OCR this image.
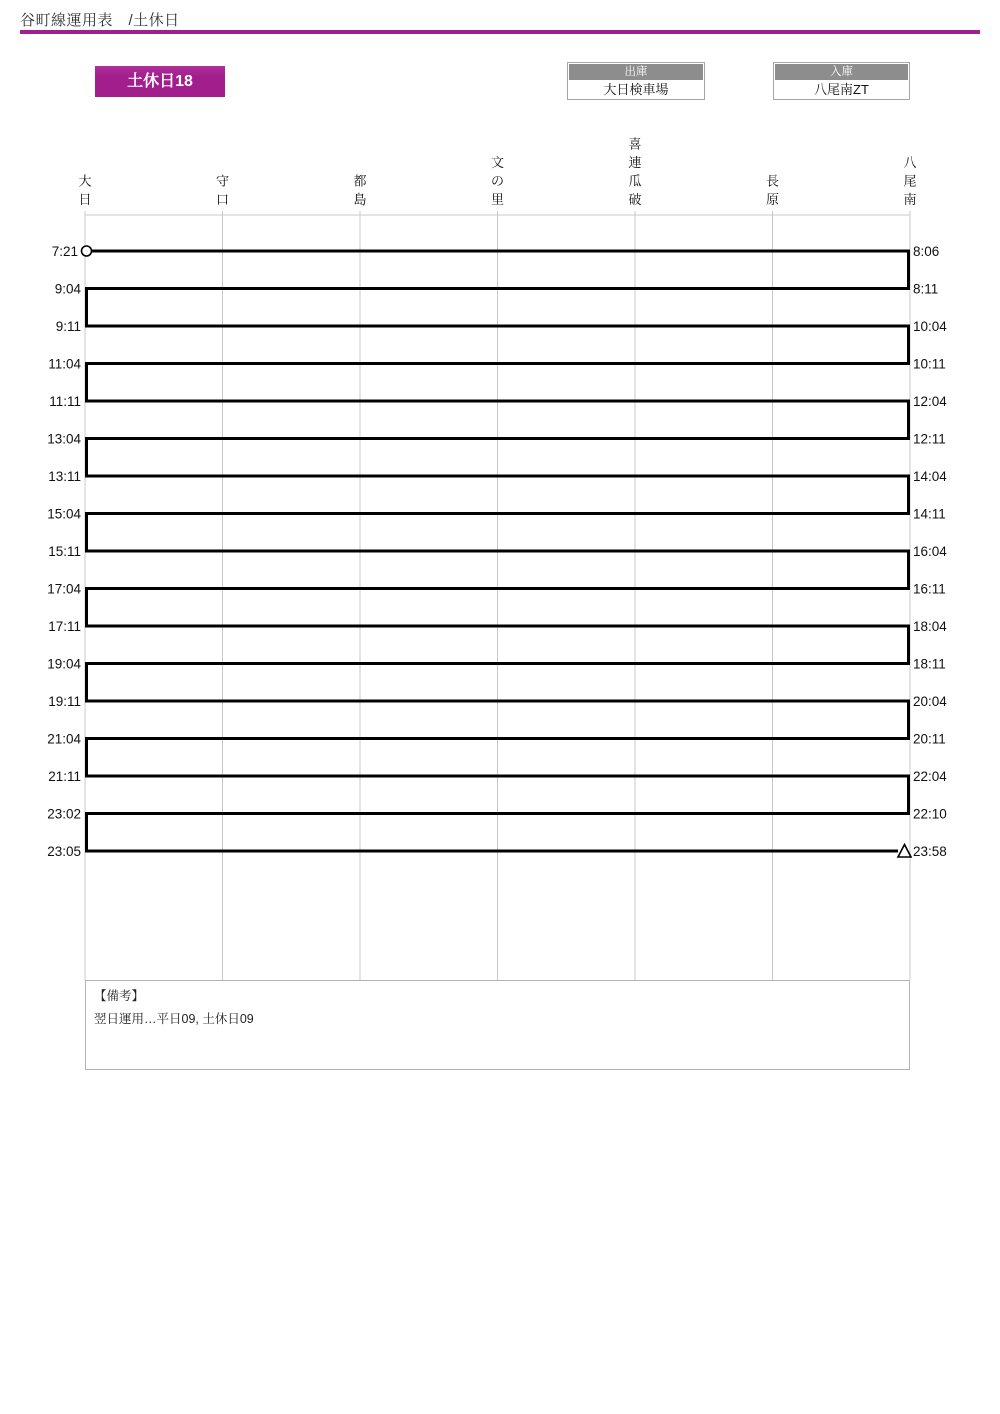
谷町線運用表　/土休日
土休日18
出庫
大日検車場
入庫
八尾南ZT
大
日
守
口
都
島
文
の
里
喜
連
瓜
破
長
原
八
尾
南
7:21	8:06
9:04	8:11
9:11	10:04
11:04	10:11
11:11	12:04
13:04	12:11
13:11	14:04
15:04	14:11
15:11	16:04
17:04	16:11
17:11	18:04
19:04	18:11
19:11	20:04
21:04	20:11
21:11	22:04
23:02	22:10
23:05	23:58
【備考】
翌日運用…平日09, 土休日09
